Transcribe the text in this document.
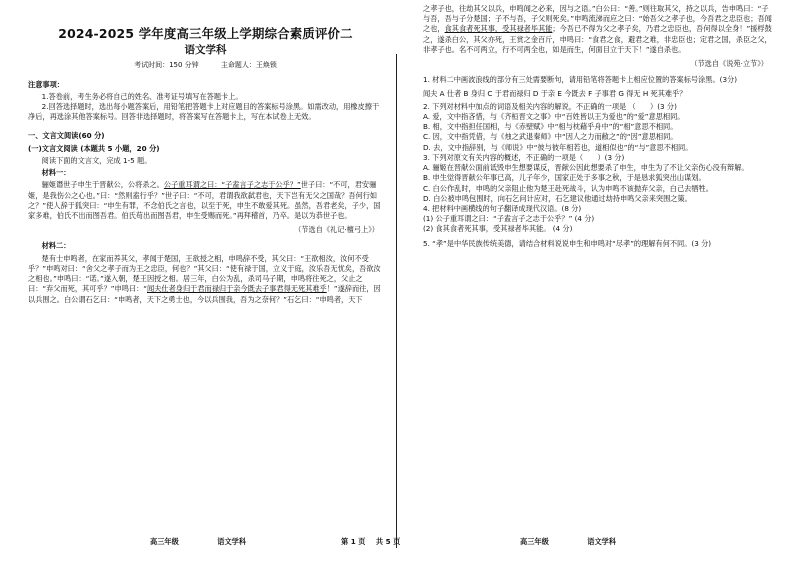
2024-2025 学年度高三年级上学期综合素质评价二

语文学科

考试时间：150 分钟	主命题人：王焕锁

注意事项：

1.答卷前，考生务必将自己的姓名、准考证号填写在答题卡上。

2.回答选择题时，选出每小题答案后，用铅笔把答题卡上对应题目的答案标号涂黑。如需改动，用橡皮擦干净后，再选涂其他答案标号。回答非选择题时，将答案写在答题卡上，写在本试卷上无效。

一、文言文阅读(60 分)

(一)文言文阅读 (本题共 5 小题，20 分)

阅读下面的文言文，完成 1-5 题。

材料一：

骊姬谮世子申生于晋献公，公将杀之。公子重耳谓之曰：“子盍言子之志于公乎？”世子曰：“不可，君安骊姬，是我伤公之心也。”曰：“然则盍行乎？”世子曰：“不可，君谓我欲弑君也，天下岂有无父之国哉？吾何行如之？”使人辞于狐突曰：“申生有罪，不念伯氏之言也，以至于死，申生不敢爱其死。虽然，吾君老矣，子少，国家多难，伯氏不出而图吾君。伯氏苟出而图吾君，申生受赐而死。”再拜稽首，乃卒。是以为恭世子也。

（节选自《礼记·檀弓上》）

材料二：

楚有士申鸣者，在家而养其父，孝闻于楚国，王欲授之相，申鸣辞不受，其父曰：“王欲相汝，汝何不受乎？”申鸣对曰：“舍父之孝子而为王之忠臣，何也？”其父曰：“使有禄于国，立义于庭，汝乐吾无忧矣，吾欲汝之相也。”申鸣曰：“诺。”遂入朝，楚王因授之相。居三年，白公为乱，杀司马子期，申鸣将往死之，父止之曰：“弃父而死，其可乎？”申鸣曰：“闻夫仕者身归于君而禄归于亲今既去子事君得无死其难乎！”遂辞而往，因以兵围之。白公谓石乞曰：“申鸣者，天下之勇士也，今以兵围我，吾为之奈何？”石乞曰：“申鸣者，天下

之孝子也，往劫其父以兵，申鸣闻之必来，因与之语。”白公曰：“善。”则往取其父，持之以兵，告申鸣曰：“子与吾，吾与子分楚国；子不与吾，子父则死矣。”申鸣流涕而应之曰：“始吾父之孝子也，今吾君之忠臣也；吾闻之也，食其食者死其事，受其禄者毕其能；今吾已不得为父之孝子矣，乃君之忠臣也，吾何得以全身！”援桴鼓之，遂杀白公，其父亦死，王赏之金百斤，申鸣曰：“食君之食，避君之难，非忠臣也；定君之国，杀臣之父，非孝子也。名不可两立，行不可两全也，如是而生，何面目立于天下！”遂自杀也。

（节选自《说苑·立节》）

1. 材料二中画波浪线的部分有三处需要断句，请用铅笔将答题卡上相应位置的答案标号涂黑。(3分)

闻夫 A 仕者 B 身归 C 于君而禄归 D 于亲 E 今既去 F 子事君 G 得无 H 死其难乎？

2. 下列对材料中加点的词语及相关内容的解说，不正确的一项是 （　　）(3 分)

A. 爱，文中指吝惜，与《齐桓晋文之事》中“百姓皆以王为爱也”的“爱”意思相同。

B. 相，文中指担任国相，与《赤壁赋》中“相与枕藉乎舟中”的“相”意思不相同。

C. 因，文中指凭借，与《烛之武退秦师》中“因人之力而敝之”的“因”意思相同。

D. 去，文中指辞别，与《师说》中“彼与彼年相若也，道相似也”的“与”意思不相同。

3. 下列对原文有关内容的概述，不正确的一项是（　　）(3 分)

A. 骊姬在晋献公面前诋毁申生想要谋反，晋献公因此想要杀了申生，申生为了不让父亲伤心没有辩解。

B. 申生觉得晋献公年事已高，儿子年少，国家正处于多事之秋，于是恳求狐突出山谋划。

C. 白公作乱时，申鸣的父亲阻止他为楚王赴死战斗，认为申鸣不该抛弃父亲，白己去牺牲。

D. 白公被申鸣包围时，向石乞问计应对，石乞建议他通过劫持申鸣父亲来突围之策。

4. 把材料中画横线的句子翻译成现代汉语。(8 分)

(1) 公子重耳谓之曰：“子盍言子之志于公乎？” (4 分)

(2) 食其食者死其事，受其禄者毕其能。 (4 分)

5. “孝”是中华民族传统美德，请结合材料说说申生和申鸣对“尽孝”的理解有何不同。(3 分)

高三年级	语文学科	第 1 页 共 5 页	高三年级	语文学科
